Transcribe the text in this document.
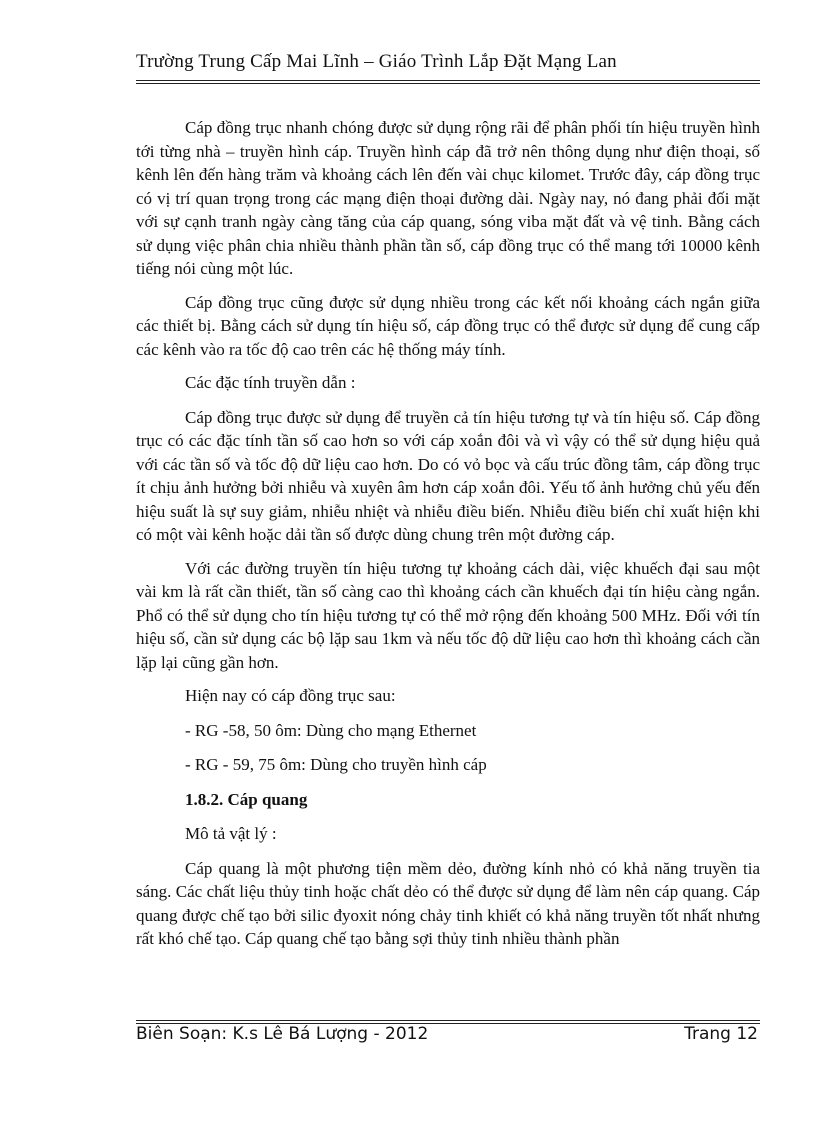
Trường Trung Cấp Mai Lĩnh – Giáo Trình Lắp Đặt Mạng Lan

Cáp đồng trục nhanh chóng được sử dụng rộng rãi để phân phối tín hiệu truyền hình tới từng nhà – truyền hình cáp. Truyền hình cáp đã trở nên thông dụng như điện thoại, số kênh lên đến hàng trăm và khoảng cách lên đến vài chục kilomet. Trước đây, cáp đồng trục có vị trí quan trọng trong các mạng điện thoại đường dài. Ngày nay, nó đang phải đối mặt với sự cạnh tranh ngày càng tăng của cáp quang, sóng viba mặt đất và vệ tinh. Bằng cách sử dụng việc phân chia nhiều thành phần tần số, cáp đồng trục có thể mang tới 10000 kênh tiếng nói cùng một lúc.

Cáp đồng trục cũng được sử dụng nhiều trong các kết nối khoảng cách ngắn giữa các thiết bị. Bằng cách sử dụng tín hiệu số, cáp đồng trục có thể được sử dụng để cung cấp các kênh vào ra tốc độ cao trên các hệ thống máy tính.

Các đặc tính truyền dẫn :

Cáp đồng trục được sử dụng để truyền cả tín hiệu tương tự và tín hiệu số. Cáp đồng trục có các đặc tính tần số cao hơn so với cáp xoắn đôi và vì vậy có thể sử dụng hiệu quả với các tần số và tốc độ dữ liệu cao hơn. Do có vỏ bọc và cấu trúc đồng tâm, cáp đồng trục ít chịu ảnh hưởng bởi nhiễu và xuyên âm hơn cáp xoắn đôi. Yếu tố ảnh hưởng chủ yếu đến hiệu suất là sự suy giảm, nhiễu nhiệt và nhiễu điều biến. Nhiễu điều biến chỉ xuất hiện khi có một vài kênh hoặc dải tần số được dùng chung trên một đường cáp.

Với các đường truyền tín hiệu tương tự khoảng cách dài, việc khuếch đại sau một vài km là rất cần thiết, tần số càng cao thì khoảng cách cần khuếch đại tín hiệu càng ngắn. Phổ có thể sử dụng cho tín hiệu tương tự có thể mở rộng đến khoảng 500 MHz. Đối với tín hiệu số, cần sử dụng các bộ lặp sau 1km và nếu tốc độ dữ liệu cao hơn thì khoảng cách cần lặp lại cũng gần hơn.

Hiện nay có cáp đồng trục sau:

- RG -58, 50 ôm: Dùng cho mạng Ethernet

- RG - 59, 75 ôm: Dùng cho truyền hình cáp

1.8.2. Cáp quang

Mô tả vật lý :

Cáp quang là một phương tiện mềm dẻo, đường kính nhỏ có khả năng truyền tia sáng. Các chất liệu thủy tinh hoặc chất dẻo có thể được sử dụng để làm nên cáp quang. Cáp quang được chế tạo bởi silic đyoxit nóng chảy tinh khiết có khả năng truyền tốt nhất nhưng rất khó chế tạo. Cáp quang chế tạo bằng sợi thủy tinh nhiều thành phần

Biên Soạn: K.s Lê Bá Lượng - 2012	Trang 12
